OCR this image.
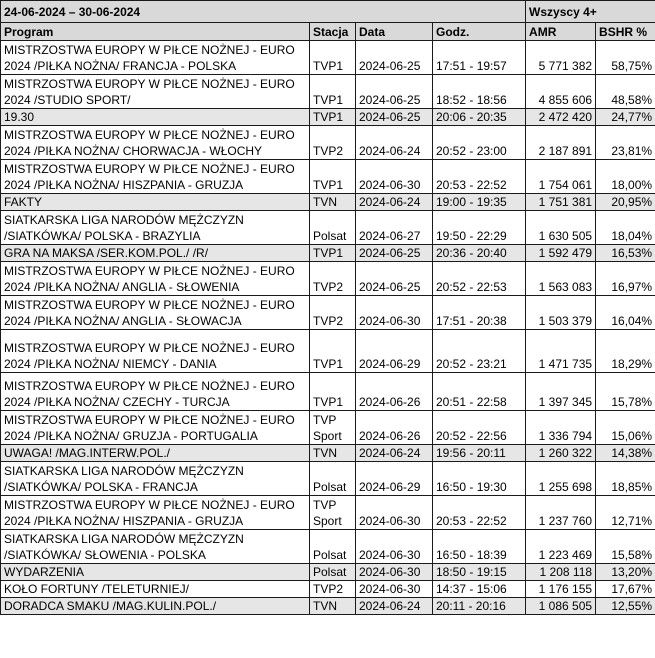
24-06-2024 – 30-06-2024				Wszyscy 4+	
Program	Stacja	Data	Godz.	AMR	BSHR %
MISTRZOSTWA EUROPY W PIŁCE NOŻNEJ - EURO 2024 /PIŁKA NOŻNA/ FRANCJA - POLSKA	TVP1	2024-06-25	17:51 - 19:57	5 771 382	58,75%
MISTRZOSTWA EUROPY W PIŁCE NOŻNEJ - EURO 2024 /STUDIO SPORT/	TVP1	2024-06-25	18:52 - 18:56	4 855 606	48,58%
19.30	TVP1	2024-06-25	20:06 - 20:35	2 472 420	24,77%
MISTRZOSTWA EUROPY W PIŁCE NOŻNEJ - EURO 2024 /PIŁKA NOŻNA/ CHORWACJA - WŁOCHY	TVP2	2024-06-24	20:52 - 23:00	2 187 891	23,81%
MISTRZOSTWA EUROPY W PIŁCE NOŻNEJ - EURO 2024 /PIŁKA NOŻNA/ HISZPANIA - GRUZJA	TVP1	2024-06-30	20:53 - 22:52	1 754 061	18,00%
FAKTY	TVN	2024-06-24	19:00 - 19:35	1 751 381	20,95%
SIATKARSKA LIGA NARODÓW MĘŻCZYZN /SIATKÓWKA/ POLSKA - BRAZYLIA	Polsat	2024-06-27	19:50 - 22:29	1 630 505	18,04%
GRA NA MAKSA /SER.KOM.POL./ /R/	TVP1	2024-06-25	20:36 - 20:40	1 592 479	16,53%
MISTRZOSTWA EUROPY W PIŁCE NOŻNEJ - EURO 2024 /PIŁKA NOŻNA/ ANGLIA - SŁOWENIA	TVP2	2024-06-25	20:52 - 22:53	1 563 083	16,97%
MISTRZOSTWA EUROPY W PIŁCE NOŻNEJ - EURO 2024 /PIŁKA NOŻNA/ ANGLIA - SŁOWACJA	TVP2	2024-06-30	17:51 - 20:38	1 503 379	16,04%
MISTRZOSTWA EUROPY W PIŁCE NOŻNEJ - EURO 2024 /PIŁKA NOŻNA/ NIEMCY - DANIA	TVP1	2024-06-29	20:52 - 23:21	1 471 735	18,29%
MISTRZOSTWA EUROPY W PIŁCE NOŻNEJ - EURO 2024 /PIŁKA NOŻNA/ CZECHY - TURCJA	TVP1	2024-06-26	20:51 - 22:58	1 397 345	15,78%
MISTRZOSTWA EUROPY W PIŁCE NOŻNEJ - EURO 2024 /PIŁKA NOŻNA/ GRUZJA - PORTUGALIA	TVP Sport	2024-06-26	20:52 - 22:56	1 336 794	15,06%
UWAGA! /MAG.INTERW.POL./	TVN	2024-06-24	19:56 - 20:11	1 260 322	14,38%
SIATKARSKA LIGA NARODÓW MĘŻCZYZN /SIATKÓWKA/ POLSKA - FRANCJA	Polsat	2024-06-29	16:50 - 19:30	1 255 698	18,85%
MISTRZOSTWA EUROPY W PIŁCE NOŻNEJ - EURO 2024 /PIŁKA NOŻNA/ HISZPANIA - GRUZJA	TVP Sport	2024-06-30	20:53 - 22:52	1 237 760	12,71%
SIATKARSKA LIGA NARODÓW MĘŻCZYZN /SIATKÓWKA/ SŁOWENIA - POLSKA	Polsat	2024-06-30	16:50 - 18:39	1 223 469	15,58%
WYDARZENIA	Polsat	2024-06-30	18:50 - 19:15	1 208 118	13,20%
KOŁO FORTUNY /TELETURNIEJ/	TVP2	2024-06-30	14:37 - 15:06	1 176 155	17,67%
DORADCA SMAKU /MAG.KULIN.POL./	TVN	2024-06-24	20:11 - 20:16	1 086 505	12,55%
